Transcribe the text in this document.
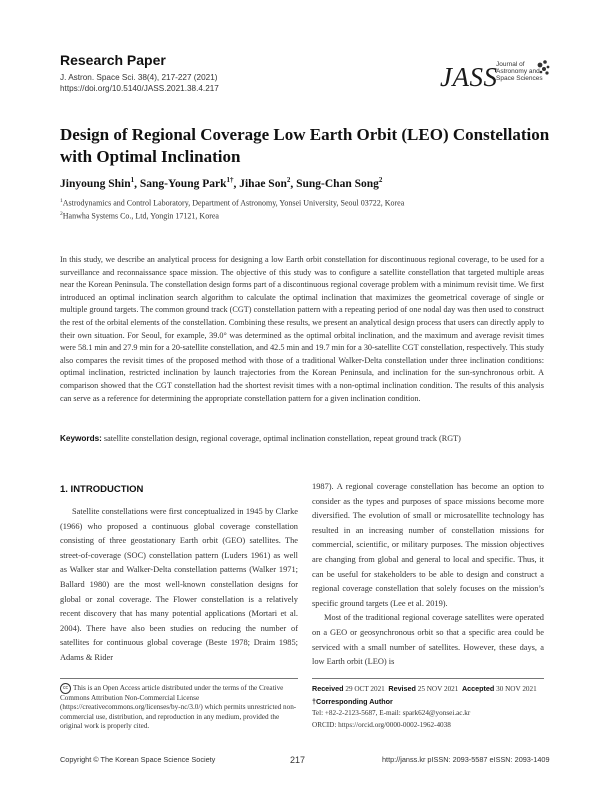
Research Paper
J. Astron. Space Sci. 38(4), 217-227 (2021)
https://doi.org/10.5140/JASS.2021.38.4.217	JASS
Journal of
Astronomy and
Space Sciences
Design of Regional Coverage Low Earth Orbit (LEO) Constellation
with Optimal Inclination
Jinyoung Shin$^1$, Sang-Young Park$^{1\dagger}$, Jihae Son$^2$, Sung-Chan Song$^2$
$^1$Astrodynamics and Control Laboratory, Department of Astronomy, Yonsei University, Seoul 03722, Korea
$^2$Hanwha Systems Co., Ltd, Yongin 17121, Korea

In this study, we describe an analytical process for designing a low Earth orbit constellation for discontinuous regional coverage, to be used for a surveillance and reconnaissance space mission. The objective of this study was to configure a satellite constellation that targeted multiple areas near the Korean Peninsula. The constellation design forms part of a discontinuous regional coverage problem with a minimum revisit time. We first introduced an optimal inclination search algorithm to calculate the optimal inclination that maximizes the geometrical coverage of single or multiple ground targets. The common ground track (CGT) constellation pattern with a repeating period of one nodal day was then used to construct the rest of the orbital elements of the constellation. Combining these results, we present an analytical design process that users can directly apply to their own situation. For Seoul, for example, 39.0° was determined as the optimal orbital inclination, and the maximum and average revisit times were 58.1 min and 27.9 min for a 20-satellite constellation, and 42.5 min and 19.7 min for a 30-satellite CGT constellation, respectively. This study also compares the revisit times of the proposed method with those of a traditional Walker-Delta constellation under three inclination conditions: optimal inclination, restricted inclination by launch trajectories from the Korean Peninsula, and inclination for the sun-synchronous orbit. A comparison showed that the CGT constellation had the shortest revisit times with a non-optimal inclination condition. The results of this analysis can serve as a reference for determining the appropriate constellation pattern for a given inclination condition.

Keywords: satellite constellation design, regional coverage, optimal inclination constellation, repeat ground track (RGT)
1. INTRODUCTION

Satellite constellations were first conceptualized in 1945 by Clarke (1966) who proposed a continuous global coverage constellation consisting of three geostationary Earth orbit (GEO) satellites. The street-of-coverage (SOC) constellation pattern (Luders 1961) as well as Walker star and Walker-Delta constellation patterns (Walker 1971; Ballard 1980) are the most well-known constellation designs for global or zonal coverage. The Flower constellation is a relatively recent discovery that has many potential applications (Mortari et al. 2004). There have also been studies on reducing the number of satellites for continuous global coverage (Beste 1978; Draim 1985; Adams & Rider

1987). A regional coverage constellation has become an option to consider as the types and purposes of space missions become more diversified. The evolution of small or microsatellite technology has resulted in an increasing number of constellation missions for commercial, scientific, or military purposes. The mission objectives are changing from global and general to local and specific. Thus, it can be useful for stakeholders to be able to design and construct a regional coverage constellation that solely focuses on the mission’s specific ground targets (Lee et al. 2019).

Most of the traditional regional coverage satellites were operated on a GEO or geosynchronous orbit so that a specific area could be serviced with a small number of satellites. However, these days, a low Earth orbit (LEO) is

cc This is an Open Access article distributed under the terms of the Creative Commons Attribution Non-Commercial License (https://creativecommons.org/licenses/by-nc/3.0/) which permits unrestricted non-commercial use, distribution, and reproduction in any medium, provided the original work is properly cited.
Received 29 OCT 2021 Revised 25 NOV 2021 Accepted 30 NOV 2021
†Corresponding Author
Tel: +82-2-2123-5687, E-mail: spark624@yonsei.ac.kr
ORCID: https://orcid.org/0000-0002-1962-4038
Copyright © The Korean Space Science Society	217	http://janss.kr pISSN: 2093-5587 eISSN: 2093-1409
